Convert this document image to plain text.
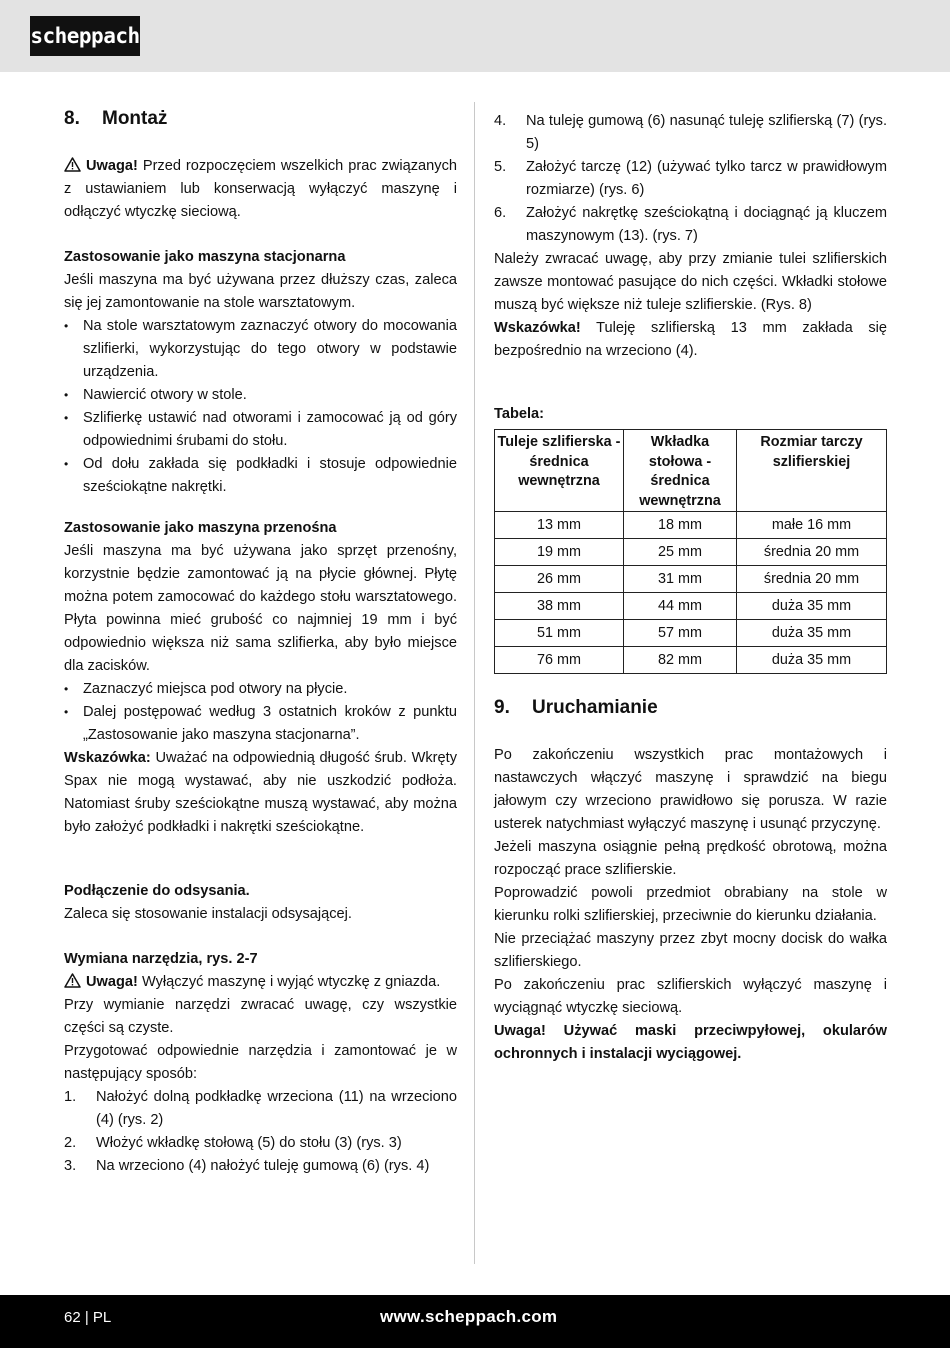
scheppach
8. Montaż
Uwaga! Przed rozpoczęciem wszelkich prac związanych z ustawianiem lub konserwacją wyłączyć maszynę i odłączyć wtyczkę sieciową.
Zastosowanie jako maszyna stacjonarna
Jeśli maszyna ma być używana przez dłuższy czas, zaleca się jej zamontowanie na stole warsztatowym.
• Na stole warsztatowym zaznaczyć otwory do mocowania szlifierki, wykorzystując do tego otwory w podstawie urządzenia.
• Nawiercić otwory w stole.
• Szlifierkę ustawić nad otworami i zamocować ją od góry odpowiednimi śrubami do stołu.
• Od dołu zakłada się podkładki i stosuje odpowiednie sześciokątne nakrętki.
Zastosowanie jako maszyna przenośna
Jeśli maszyna ma być używana jako sprzęt przenośny, korzystnie będzie zamontować ją na płycie głównej. Płytę można potem zamocować do każdego stołu warsztatowego. Płyta powinna mieć grubość co najmniej 19 mm i być odpowiednio większa niż sama szlifierka, aby było miejsce dla zacisków.
• Zaznaczyć miejsca pod otwory na płycie.
• Dalej postępować według 3 ostatnich kroków z punktu „Zastosowanie jako maszyna stacjonarna”.
Wskazówka: Uważać na odpowiednią długość śrub. Wkręty Spax nie mogą wystawać, aby nie uszkodzić podłoża. Natomiast śruby sześciokątne muszą wystawać, aby można było założyć podkładki i nakrętki sześciokątne.
Podłączenie do odsysania.
Zaleca się stosowanie instalacji odsysającej.
Wymiana narzędzia, rys. 2-7
Uwaga! Wyłączyć maszynę i wyjąć wtyczkę z gniazda.
Przy wymianie narzędzi zwracać uwagę, czy wszystkie części są czyste.
Przygotować odpowiednie narzędzia i zamontować je w następujący sposób:
1. Nałożyć dolną podkładkę wrzeciona (11) na wrzeciono (4) (rys. 2)
2. Włożyć wkładkę stołową (5) do stołu (3) (rys. 3)
3. Na wrzeciono (4) nałożyć tuleję gumową (6) (rys. 4)
4. Na tuleję gumową (6) nasunąć tuleję szlifierską (7) (rys. 5)
5. Założyć tarczę (12) (używać tylko tarcz w prawidłowym rozmiarze) (rys. 6)
6. Założyć nakrętkę sześciokątną i dociągnąć ją kluczem maszynowym (13). (rys. 7)
Należy zwracać uwagę, aby przy zmianie tulei szlifierskich zawsze montować pasujące do nich części. Wkładki stołowe muszą być większe niż tuleje szlifierskie. (Rys. 8)
Wskazówka! Tuleję szlifierską 13 mm zakłada się bezpośrednio na wrzeciono (4).
Tabela:
Tuleje szlifierska - średnica wewnętrzna	Wkładka stołowa - średnica wewnętrzna	Rozmiar tarczy szlifierskiej
13 mm	18 mm	małe 16 mm
19 mm	25 mm	średnia 20 mm
26 mm	31 mm	średnia 20 mm
38 mm	44 mm	duża 35 mm
51 mm	57 mm	duża 35 mm
76 mm	82 mm	duża 35 mm
9. Uruchamianie
Po zakończeniu wszystkich prac montażowych i nastawczych włączyć maszynę i sprawdzić na biegu jałowym czy wrzeciono prawidłowo się porusza. W razie usterek natychmiast wyłączyć maszynę i usunąć przyczynę.
Jeżeli maszyna osiągnie pełną prędkość obrotową, można rozpocząć prace szlifierskie.
Poprowadzić powoli przedmiot obrabiany na stole w kierunku rolki szlifierskiej, przeciwnie do kierunku działania.
Nie przeciążać maszyny przez zbyt mocny docisk do wałka szlifierskiego.
Po zakończeniu prac szlifierskich wyłączyć maszynę i wyciągnąć wtyczkę sieciową.
Uwaga! Używać maski przeciwpyłowej, okularów ochronnych i instalacji wyciągowej.
62 | PL	www.scheppach.com
